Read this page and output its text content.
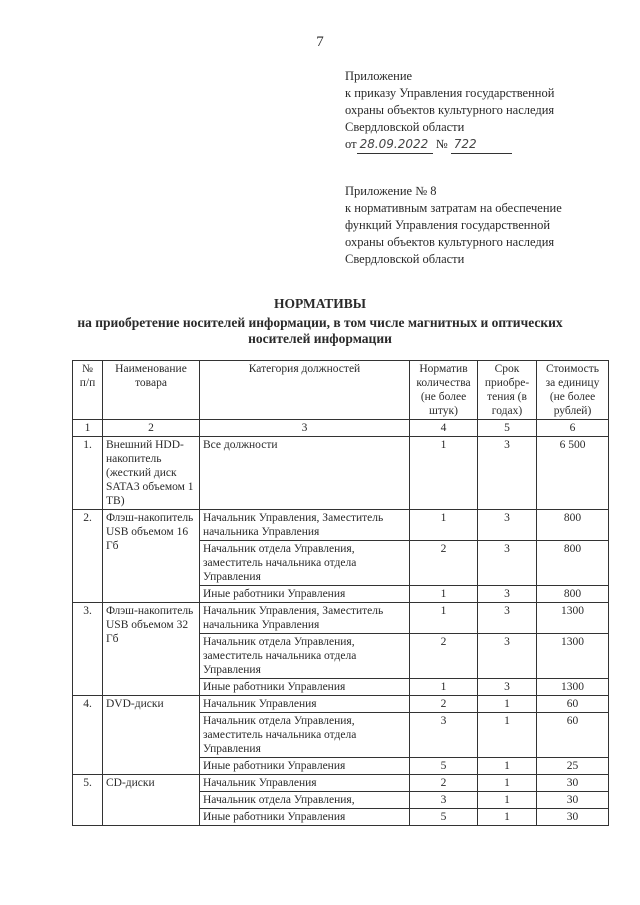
7
Приложение
к приказу Управления государственной
охраны объектов культурного наследия
Свердловской области
от 28.09.2022 № 722
Приложение № 8
к нормативным затратам на обеспечение
функций Управления государственной
охраны объектов культурного наследия
Свердловской области
НОРМАТИВЫ
на приобретение носителей информации, в том числе магнитных и оптических
носителей информации
№ п/п	Наименование товара	Категория должностей	Норматив количества (не более штук)	Срок приобре-тения (в годах)	Стоимость за единицу (не более рублей)
1	2	3	4	5	6
1.	Внешний HDD-накопитель (жесткий диск SATA3 объемом 1 TB)	Все должности	1	3	6 500
2.	Флэш-накопитель USB объемом 16 Гб	Начальник Управления, Заместитель начальника Управления	1	3	800
		Начальник отдела Управления, заместитель начальника отдела Управления	2	3	800
		Иные работники Управления	1	3	800
3.	Флэш-накопитель USB объемом 32 Гб	Начальник Управления, Заместитель начальника Управления	1	3	1300
		Начальник отдела Управления, заместитель начальника отдела Управления	2	3	1300
		Иные работники Управления	1	3	1300
4.	DVD-диски	Начальник Управления	2	1	60
		Начальник отдела Управления, заместитель начальника отдела Управления	3	1	60
		Иные работники Управления	5	1	25
5.	CD-диски	Начальник Управления	2	1	30
		Начальник отдела Управления,	3	1	30
		Иные работники Управления	5	1	30
